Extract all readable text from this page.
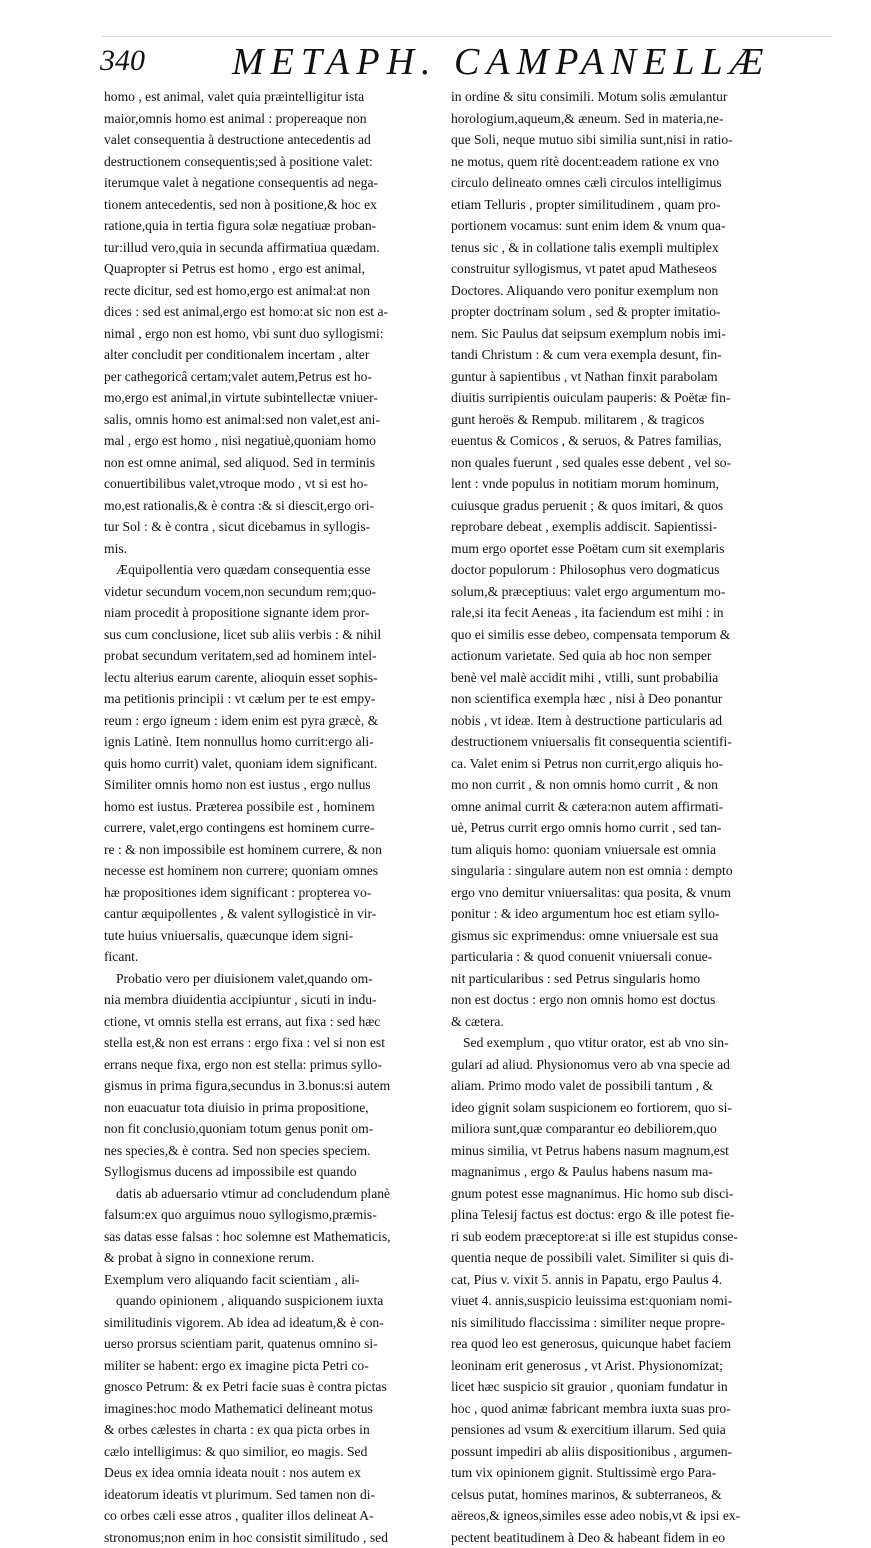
340 METAPH. CAMPANELLÆ
homo , est animal, valet quia præintelligitur ista
maior,omnis homo est animal : propereaque non
valet consequentia à destructione antecedentis ad
destructionem consequentis;sed à positione valet:
iterumque valet à negatione consequentis ad nega-
tionem antecedentis, sed non à positione,& hoc ex
ratione,quia in tertia figura solæ negatiuæ proban-
tur:illud vero,quia in secunda affirmatiua quædam.
Quapropter si Petrus est homo , ergo est animal,
recte dicitur, sed est homo,ergo est animal:at non
dices : sed est animal,ergo est homo:at sic non est a-
nimal , ergo non est homo, vbi sunt duo syllogismi:
alter concludit per conditionalem incertam , alter
per cathegoricâ certam;valet autem,Petrus est ho-
mo,ergo est animal,in virtute subintellectæ vniuer-
salis, omnis homo est animal:sed non valet,est ani-
mal , ergo est homo , nisi negatiuè,quoniam homo
non est omne animal, sed aliquod. Sed in terminis
conuertibilibus valet,vtroque modo , vt si est ho-
mo,est rationalis,& è contra :& si diescit,ergo ori-
tur Sol : & è contra , sicut dicebamus in syllogis-
mis.
Æquipollentia vero quædam consequentia esse
videtur secundum vocem,non secundum rem;quo-
niam procedit à propositione signante idem pror-
sus cum conclusione, licet sub aliis verbis : & nihil
probat secundum veritatem,sed ad hominem intel-
lectu alterius earum carente, alioquin esset sophis-
ma petitionis principii : vt cælum per te est empy-
reum : ergo igneum : idem enim est pyra græcè, &
ignis Latinè. Item nonnullus homo currit:ergo ali-
quis homo currit) valet, quoniam idem significant.
Similiter omnis homo non est iustus , ergo nullus
homo est iustus. Præterea possibile est , hominem
currere, valet,ergo contingens est hominem curre-
re : & non impossibile est hominem currere, & non
necesse est hominem non currere; quoniam omnes
hæ propositiones idem significant : propterea vo-
cantur æquipollentes , & valent syllogisticè in vir-
tute huius vniuersalis, quæcunque idem signi-
ficant.
Probatio vero per diuisionem valet,quando om-
nia membra diuidentia accipiuntur , sicuti in indu-
ctione, vt omnis stella est errans, aut fixa : sed hæc
stella est,& non est errans : ergo fixa : vel si non est
errans neque fixa, ergo non est stella: primus syllo-
gismus in prima figura,secundus in 3.bonus:si autem
non euacuatur tota diuisio in prima propositione,
non fit conclusio,quoniam totum genus ponit om-
nes species,& è contra. Sed non species speciem.
Syllogismus ducens ad impossibile est quando
datis ab aduersario vtimur ad concludendum planè
falsum:ex quo arguimus nouo syllogismo,præmis-
sas datas esse falsas : hoc solemne est Mathematicis,
& probat à signo in connexione rerum.
Exemplum vero aliquando facit scientiam , ali-
quando opinionem , aliquando suspicionem iuxta
similitudinis vigorem. Ab idea ad ideatum,& è con-
uerso prorsus scientiam parit, quatenus omnino si-
militer se habent: ergo ex imagine picta Petri co-
gnosco Petrum: & ex Petri facie suas è contra pictas
imagines:hoc modo Mathematici delineant motus
& orbes cælestes in charta : ex qua picta orbes in
cælo intelligimus: & quo similior, eo magis. Sed
Deus ex idea omnia ideata nouit : nos autem ex
ideatorum ideatis vt plurimum. Sed tamen non di-
co orbes cæli esse atros , qualiter illos delineat A-
stronomus;non enim in hoc consistit similitudo , sed
in ordine & situ consimili. Motum solis æmulantur
horologium,aqueum,& æneum. Sed in materia,ne-
que Soli, neque mutuo sibi similia sunt,nisi in ratio-
ne motus, quem ritè docent:eadem ratione ex vno
circulo delineato omnes cæli circulos intelligimus
etiam Telluris , propter similitudinem , quam pro-
portionem vocamus: sunt enim idem & vnum qua-
tenus sic , & in collatione talis exempli multiplex
construitur syllogismus, vt patet apud Matheseos
Doctores. Aliquando vero ponitur exemplum non
propter doctrinam solum , sed & propter imitatio-
nem. Sic Paulus dat seipsum exemplum nobis imi-
tandi Christum : & cum vera exempla desunt, fin-
guntur à sapientibus , vt Nathan finxit parabolam
diuitis surripientis ouiculam pauperis: & Poëtæ fin-
gunt heroës & Rempub. militarem , & tragicos
euentus & Comicos , & seruos, & Patres familias,
non quales fuerunt , sed quales esse debent , vel so-
lent : vnde populus in notitiam morum hominum,
cuiusque gradus peruenit ; & quos imitari, & quos
reprobare debeat , exemplis addiscit. Sapientissi-
mum ergo oportet esse Poëtam cum sit exemplaris
doctor populorum : Philosophus vero dogmaticus
solum,& præceptiuus: valet ergo argumentum mo-
rale,si ita fecit Aeneas , ita faciendum est mihi : in
quo ei similis esse debeo, compensata temporum &
actionum varietate. Sed quia ab hoc non semper
benè vel malè accidit mihi , vtilli, sunt probabilia
non scientifica exempla hæc , nisi à Deo ponantur
nobis , vt ideæ. Item à destructione particularis ad
destructionem vniuersalis fit consequentia scientifi-
ca. Valet enim si Petrus non currit,ergo aliquis ho-
mo non currit , & non omnis homo currit , & non
omne animal currit & cætera:non autem affirmati-
uè, Petrus currit ergo omnis homo currit , sed tan-
tum aliquis homo: quoniam vniuersale est omnia
singularia : singulare autem non est omnia : dempto
ergo vno demitur vniuersalitas: qua posita, & vnum
ponitur : & ideo argumentum hoc est etiam syllo-
gismus sic exprimendus: omne vniuersale est sua
particularia : & quod conuenit vniuersali conue-
nit particularibus : sed Petrus singularis homo
non est doctus : ergo non omnis homo est doctus
& cætera.
Sed exemplum , quo vtitur orator, est ab vno sin-
gulari ad aliud. Physionomus vero ab vna specie ad
aliam. Primo modo valet de possibili tantum , &
ideo gignit solam suspicionem eo fortiorem, quo si-
miliora sunt,quæ comparantur eo debiliorem,quo
minus similia, vt Petrus habens nasum magnum,est
magnanimus , ergo & Paulus habens nasum ma-
gnum potest esse magnanimus. Hic homo sub disci-
plina Telesij factus est doctus: ergo & ille potest fie-
ri sub eodem præceptore:at si ille est stupidus conse-
quentia neque de possibili valet. Similiter si quis di-
cat, Pius v. vixit 5. annis in Papatu, ergo Paulus 4.
viuet 4. annis,suspicio leuissima est:quoniam nomi-
nis similitudo flaccissima : similiter neque propre-
rea quod leo est generosus, quicunque habet faciem
leoninam erit generosus , vt Arist. Physionomizat;
licet hæc suspicio sit grauior , quoniam fundatur in
hoc , quod animæ fabricant membra iuxta suas pro-
pensiones ad vsum & exercitium illarum. Sed quia
possunt impediri ab aliis dispositionibus , argumen-
tum vix opinionem gignit. Stultissimè ergo Para-
celsus putat, homines marinos, & subterraneos, &
aëreos,& igneos,similes esse adeo nobis,vt & ipsi ex-
pectent beatitudinem à Deo & habeant fidem in eo
